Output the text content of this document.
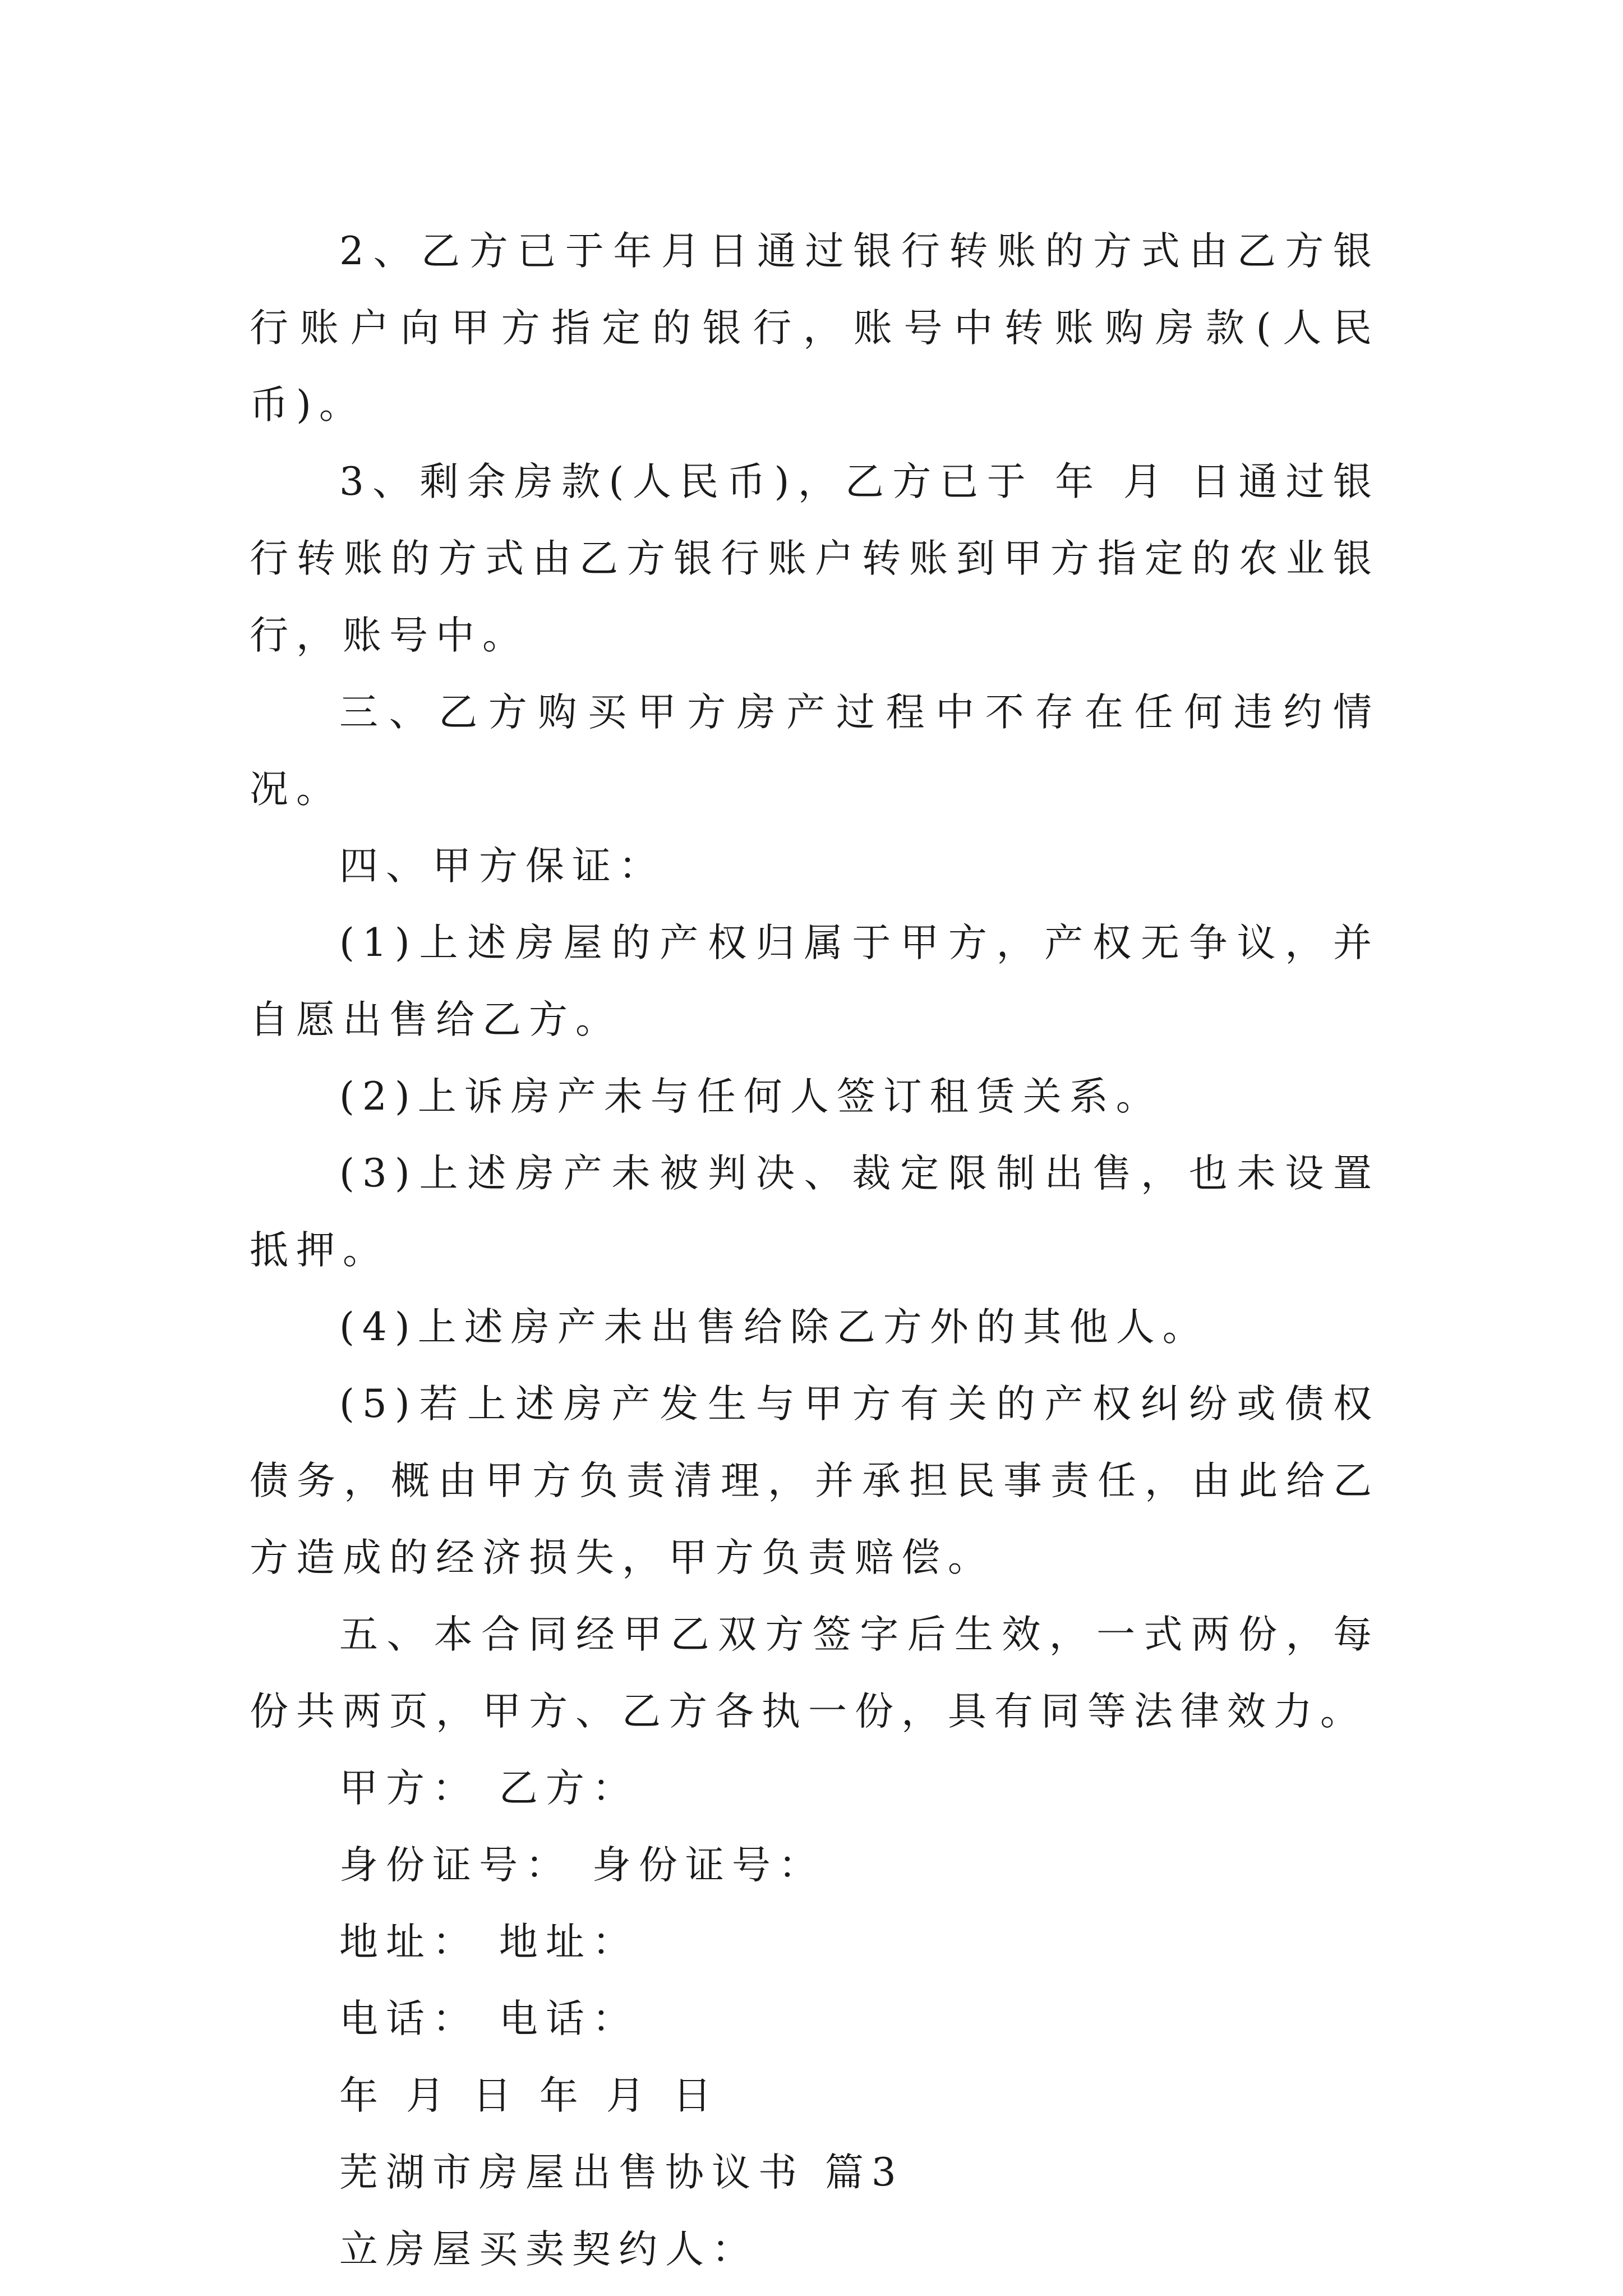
2、乙方已于年月日通过银行转账的方式由乙方银行账户向甲方指定的银行，账号中转账购房款(人民币)。

3、剩余房款(人民币)，乙方已于 年 月 日通过银行转账的方式由乙方银行账户转账到甲方指定的农业银行，账号中。

三、乙方购买甲方房产过程中不存在任何违约情况。

四、甲方保证：

(1)上述房屋的产权归属于甲方，产权无争议，并自愿出售给乙方。

(2)上诉房产未与任何人签订租赁关系。

(3)上述房产未被判决、裁定限制出售，也未设置抵押。

(4)上述房产未出售给除乙方外的其他人。

(5)若上述房产发生与甲方有关的产权纠纷或债权债务，概由甲方负责清理，并承担民事责任，由此给乙方造成的经济损失，甲方负责赔偿。

五、本合同经甲乙双方签字后生效，一式两份，每份共两页，甲方、乙方各执一份，具有同等法律效力。

甲方： 乙方：

身份证号： 身份证号：

地址： 地址：

电话： 电话：

年 月 日 年 月 日

芜湖市房屋出售协议书 篇3

立房屋买卖契约人：
